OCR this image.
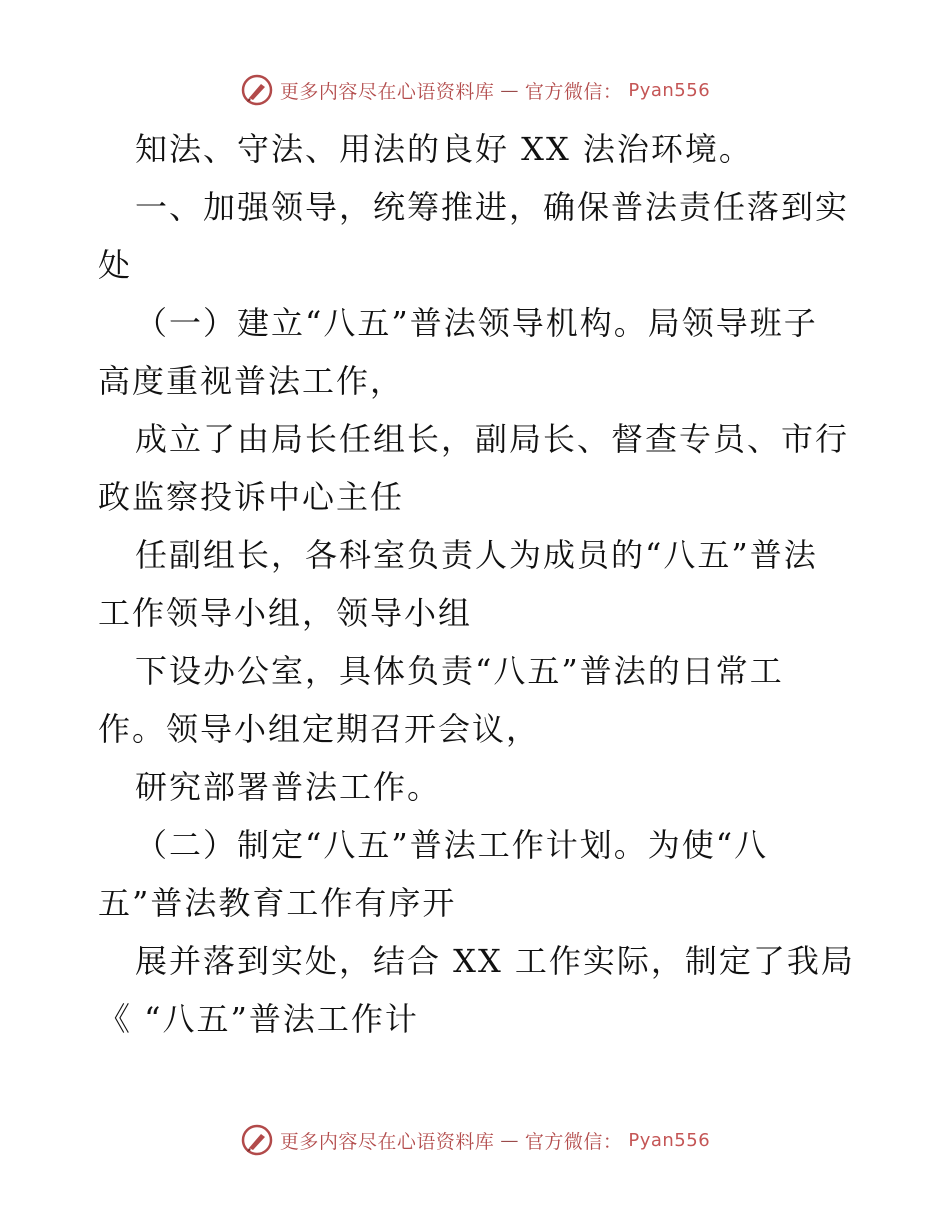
更多内容尽在心语资料库 — 官方微信： Pyan556
知法、守法、用法的良好 XX 法治环境。
一、加强领导，统筹推进，确保普法责任落到实
处
（一）建立“八五”普法领导机构。局领导班子
高度重视普法工作，
成立了由局长任组长，副局长、督查专员、市行
政监察投诉中心主任
任副组长，各科室负责人为成员的“八五”普法
工作领导小组，领导小组
下设办公室，具体负责“八五”普法的日常工
作。领导小组定期召开会议，
研究部署普法工作。
（二）制定“八五”普法工作计划。为使“八
五”普法教育工作有序开
展并落到实处，结合 XX 工作实际，制定了我局
《 “八五”普法工作计
更多内容尽在心语资料库 — 官方微信： Pyan556
